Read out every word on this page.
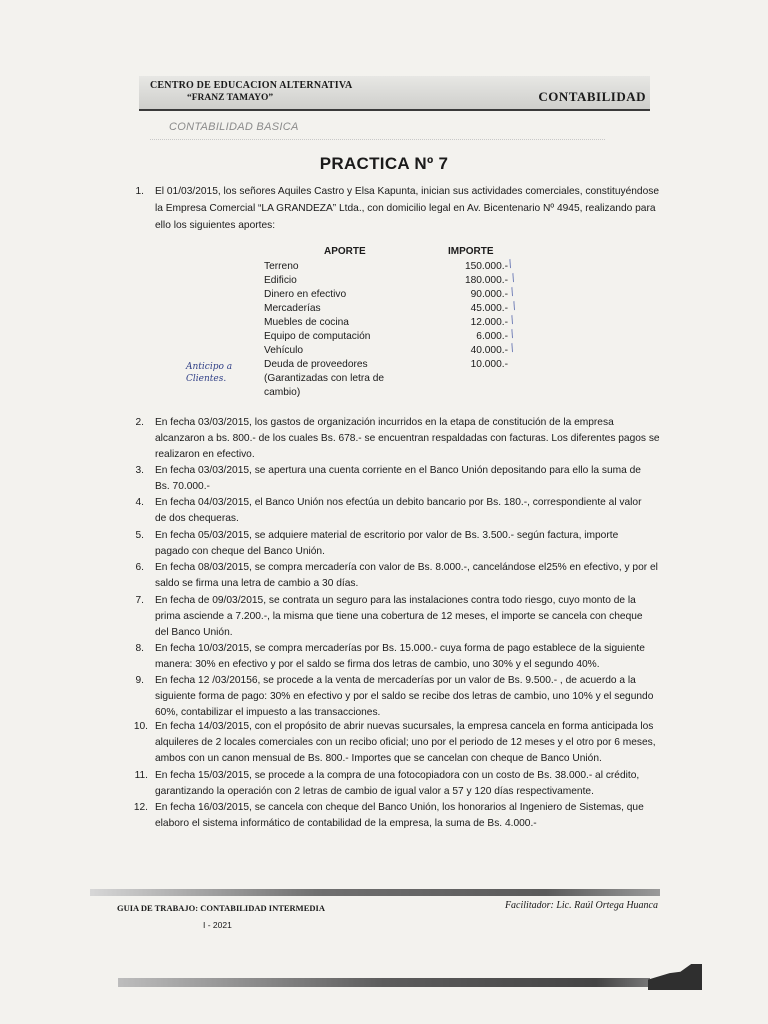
CENTRO DE EDUCACION ALTERNATIVA
“FRANZ TAMAYO”	CONTABILIDAD
CONTABILIDAD BASICA
PRACTICA Nº 7
1. El 01/03/2015, los señores Aquiles Castro y Elsa Kapunta, inician sus actividades comerciales, constituyéndose
la Empresa Comercial “LA GRANDEZA” Ltda., con domicilio legal en Av. Bicentenario Nº 4945, realizando para
ello los siguientes aportes:
APORTE	IMPORTE
Terreno	150.000.-
Edificio	180.000.-
Dinero en efectivo	90.000.-
Mercaderías	45.000.-
Muebles de cocina	12.000.-
Equipo de computación	6.000.-
Vehículo	40.000.-
Deuda de proveedores	10.000.-
(Garantizadas con letra de
cambio)
Anticipo a
Clientes.
⁄
⁄
⁄
⁄
⁄
⁄
⁄
2. En fecha 03/03/2015, los gastos de organización incurridos en la etapa de constitución de la empresa
alcanzaron a bs. 800.- de los cuales Bs. 678.- se encuentran respaldadas con facturas. Los diferentes pagos se
realizaron en efectivo.
3. En fecha 03/03/2015, se apertura una cuenta corriente en el Banco Unión depositando para ello la suma de
Bs. 70.000.-
4. En fecha 04/03/2015, el Banco Unión nos efectúa un debito bancario por Bs. 180.-, correspondiente al valor
de dos chequeras.
5. En fecha 05/03/2015, se adquiere material de escritorio por valor de Bs. 3.500.- según factura, importe
pagado con cheque del Banco Unión.
6. En fecha 08/03/2015, se compra mercadería con valor de Bs. 8.000.-, cancelándose el25% en efectivo, y por el
saldo se firma una letra de cambio a 30 días.
7. En fecha de 09/03/2015, se contrata un seguro para las instalaciones contra todo riesgo, cuyo monto de la
prima asciende a 7.200.-, la misma que tiene una cobertura de 12 meses, el importe se cancela con cheque
del Banco Unión.
8. En fecha 10/03/2015, se compra mercaderías por Bs. 15.000.- cuya forma de pago establece de la siguiente
manera: 30% en efectivo y por el saldo se firma dos letras de cambio, uno 30% y el segundo 40%.
9. En fecha 12 /03/20156, se procede a la venta de mercaderías por un valor de Bs. 9.500.- , de acuerdo a la
siguiente forma de pago: 30% en efectivo y por el saldo se recibe dos letras de cambio, uno 10% y el segundo
60%, contabilizar el impuesto a las transacciones.
10. En fecha 14/03/2015, con el propósito de abrir nuevas sucursales, la empresa cancela en forma anticipada los
alquileres de 2 locales comerciales con un recibo oficial; uno por el periodo de 12 meses y el otro por 6 meses,
ambos con un canon mensual de Bs. 800.- Importes que se cancelan con cheque de Banco Unión.
11. En fecha 15/03/2015, se procede a la compra de una fotocopiadora con un costo de Bs. 38.000.- al crédito,
garantizando la operación con 2 letras de cambio de igual valor a 57 y 120 días respectivamente.
12. En fecha 16/03/2015, se cancela con cheque del Banco Unión, los honorarios al Ingeniero de Sistemas, que
elaboro el sistema informático de contabilidad de la empresa, la suma de Bs. 4.000.-
GUIA DE TRABAJO: CONTABILIDAD INTERMEDIA	Facilitador: Lic. Raúl Ortega Huanca
I - 2021
